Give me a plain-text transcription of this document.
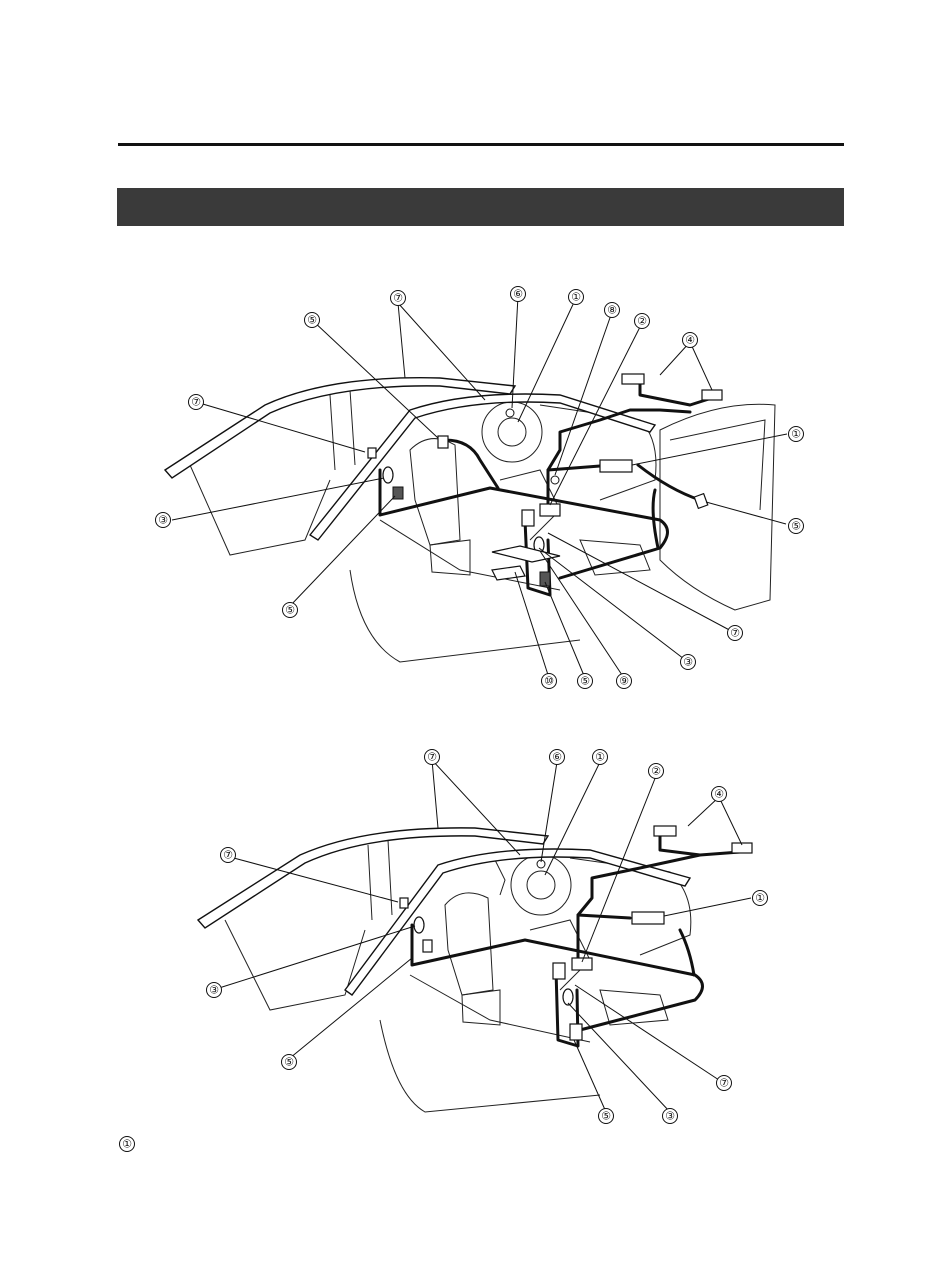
⑦	⑥	①
⑧
②
⑤
④
⑦
①
③	⑤
⑤
⑦
③
⑩ ⑤	⑨
⑦	⑥	①
②
④
⑦
①
③
⑤
⑦
⑤	③
①
